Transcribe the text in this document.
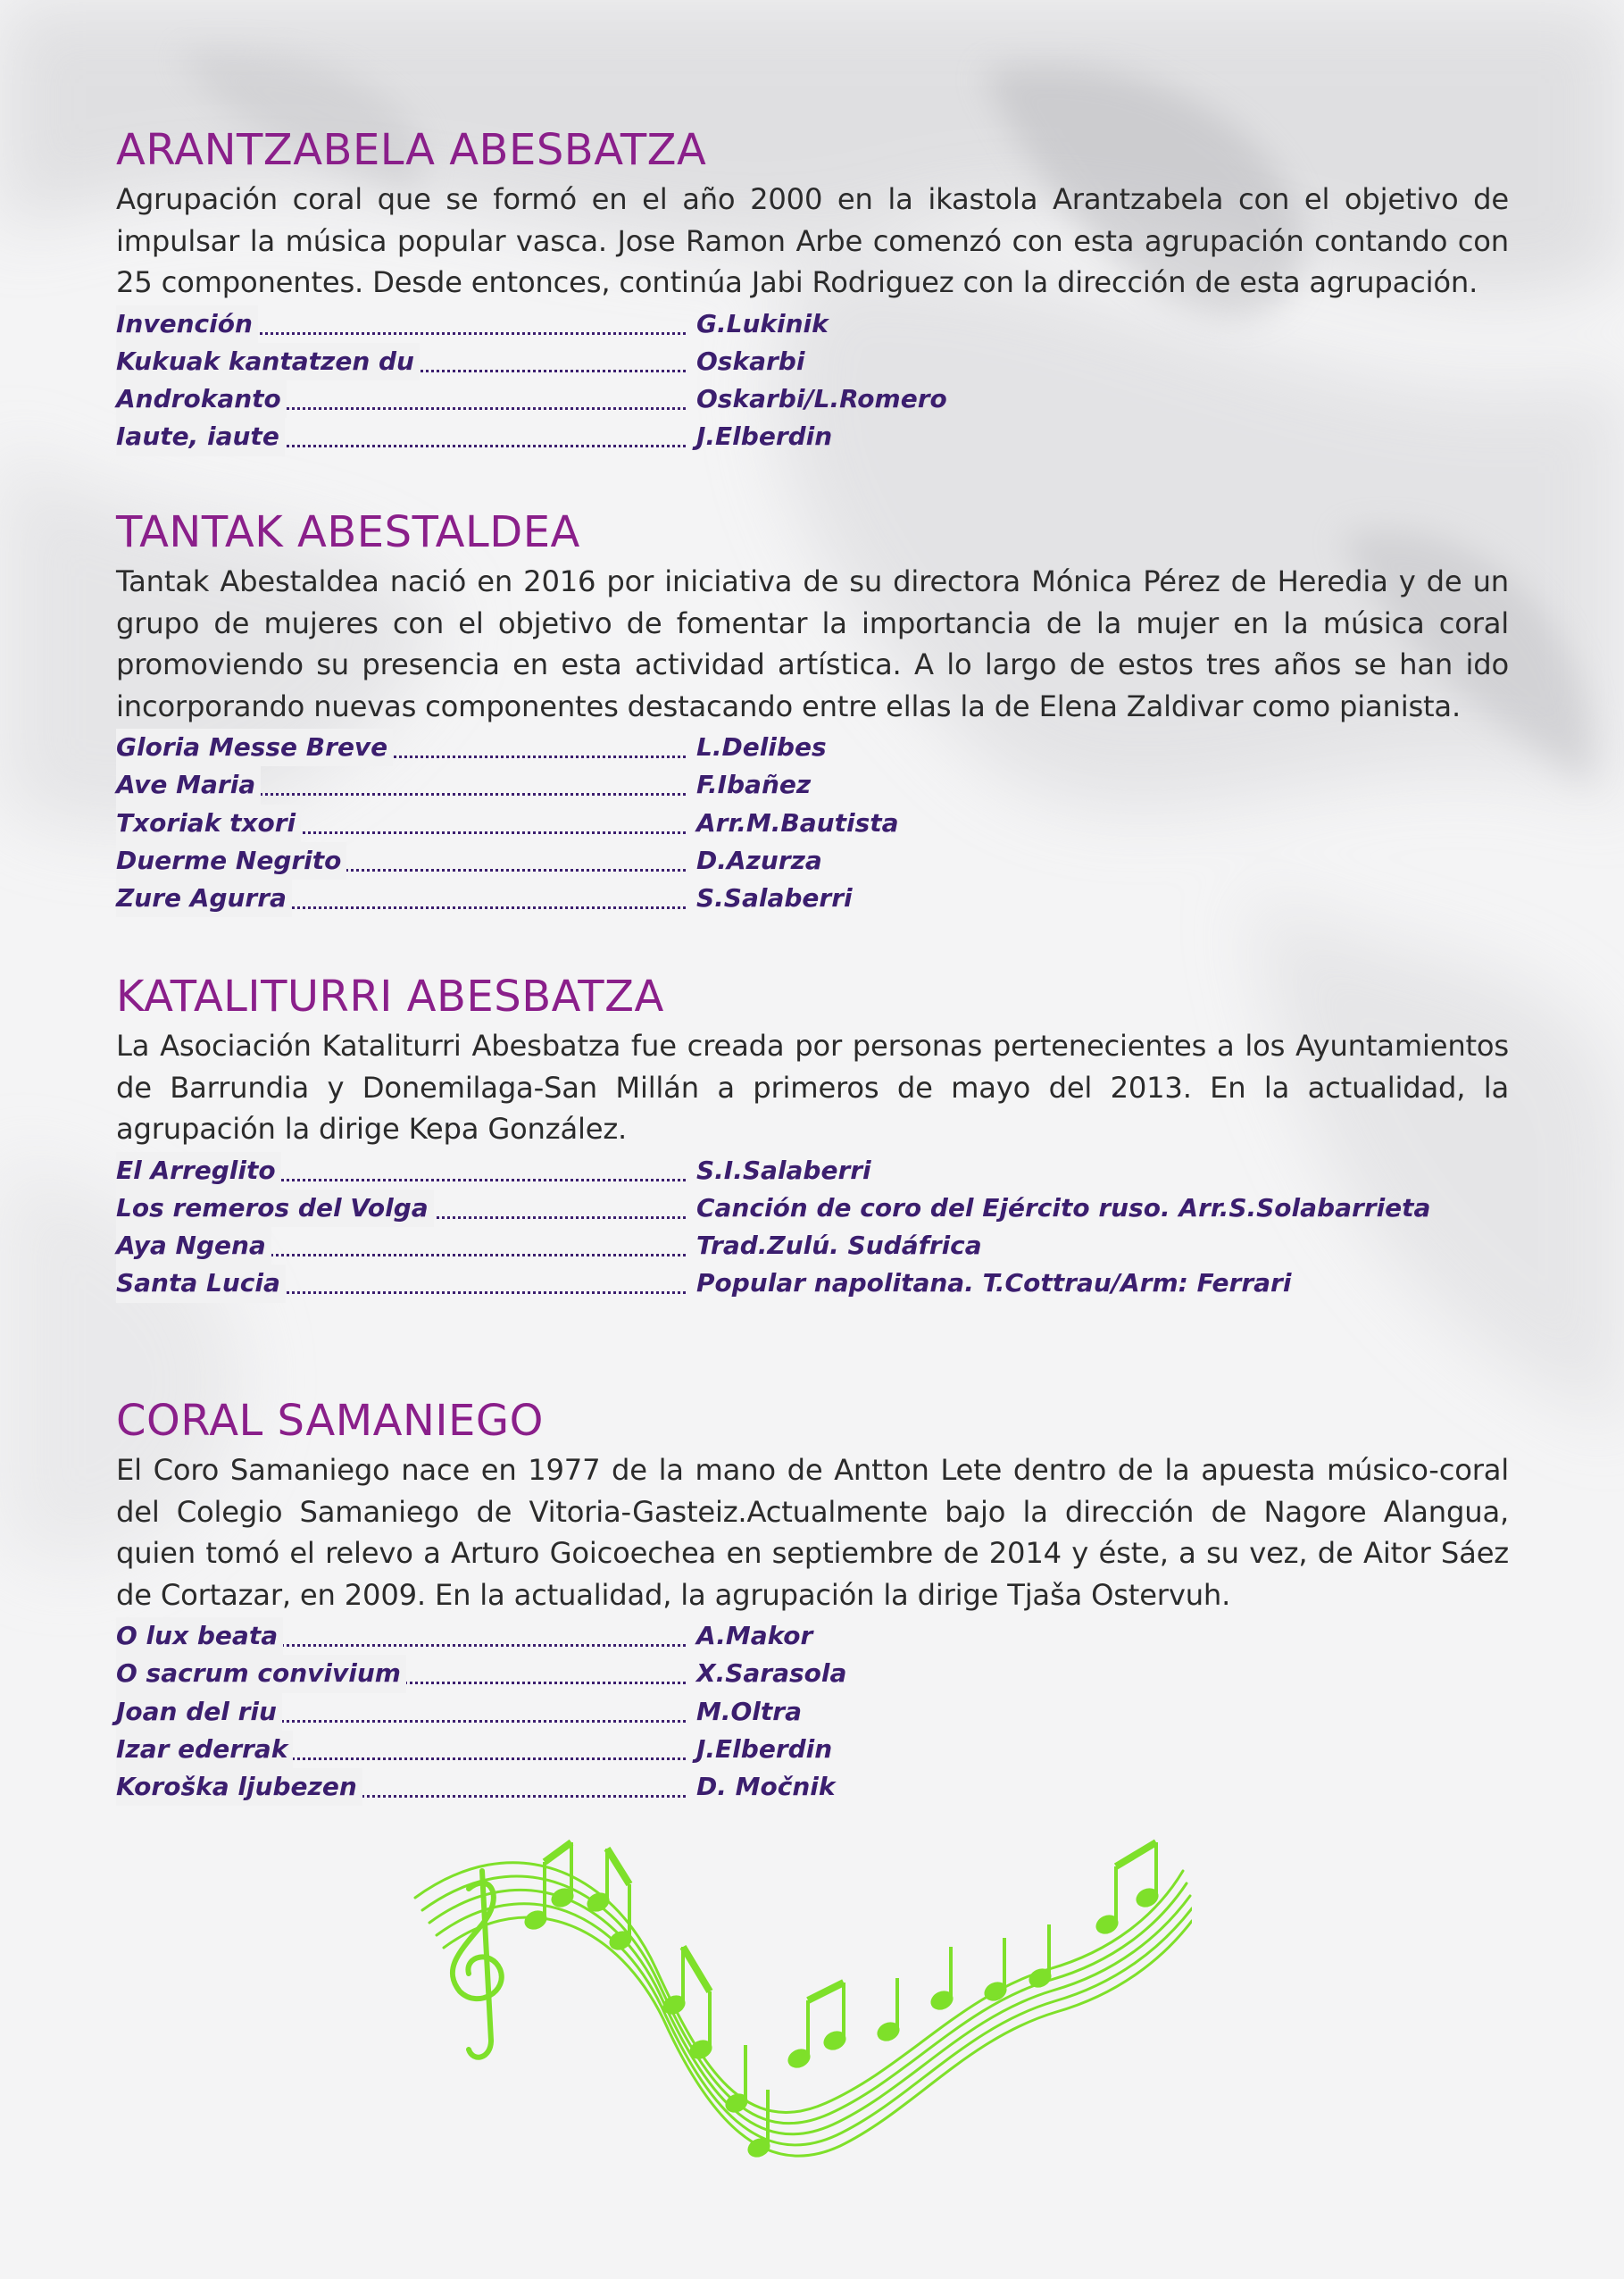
ARANTZABELA ABESBATZA

Agrupación coral que se formó en el año 2000 en la ikastola Arantzabela con el objetivo de impulsar la música popular vasca. Jose Ramon Arbe comenzó con esta agrupación contando con 25 componentes. Desde entonces, continúa Jabi Rodriguez con la dirección de esta agrupación.

Invención	G.Lukinik
Kukuak kantatzen du	Oskarbi
Androkanto	Oskarbi/L.Romero
Iaute, iaute	J.Elberdin
TANTAK ABESTALDEA

Tantak Abestaldea nació en 2016 por iniciativa de su directora Mónica Pérez de Heredia y de un grupo de mujeres con el objetivo de fomentar la importancia de la mujer en la música coral promoviendo su presencia en esta actividad artística. A lo largo de estos tres años se han ido incorporando nuevas componentes destacando entre ellas la de Elena Zaldivar como pianista.

Gloria Messe Breve	L.Delibes
Ave Maria	F.Ibañez
Txoriak txori	Arr.M.Bautista
Duerme Negrito	D.Azurza
Zure Agurra	S.Salaberri
KATALITURRI ABESBATZA

La Asociación Kataliturri Abesbatza fue creada por personas pertenecientes a los Ayuntamientos de Barrundia y Donemilaga-San Millán a primeros de mayo del 2013. En la actualidad, la agrupación la dirige Kepa González.

El Arreglito	S.I.Salaberri
Los remeros del Volga	Canción de coro del Ejército ruso. Arr.S.Solabarrieta
Aya Ngena	Trad.Zulú. Sudáfrica
Santa Lucia	Popular napolitana. T.Cottrau/Arm: Ferrari
CORAL SAMANIEGO

El Coro Samaniego nace en 1977 de la mano de Antton Lete dentro de la apuesta músico-coral del Colegio Samaniego de Vitoria-Gasteiz.Actualmente bajo la dirección de Nagore Alangua, quien tomó el relevo a Arturo Goicoechea en septiembre de 2014 y éste, a su vez, de Aitor Sáez de Cortazar, en 2009. En la actualidad, la agrupación la dirige Tjaša Ostervuh.

O lux beata	A.Makor
O sacrum convivium	X.Sarasola
Joan del riu	M.Oltra
Izar ederrak	J.Elberdin
Koroška ljubezen	D. Močnik
